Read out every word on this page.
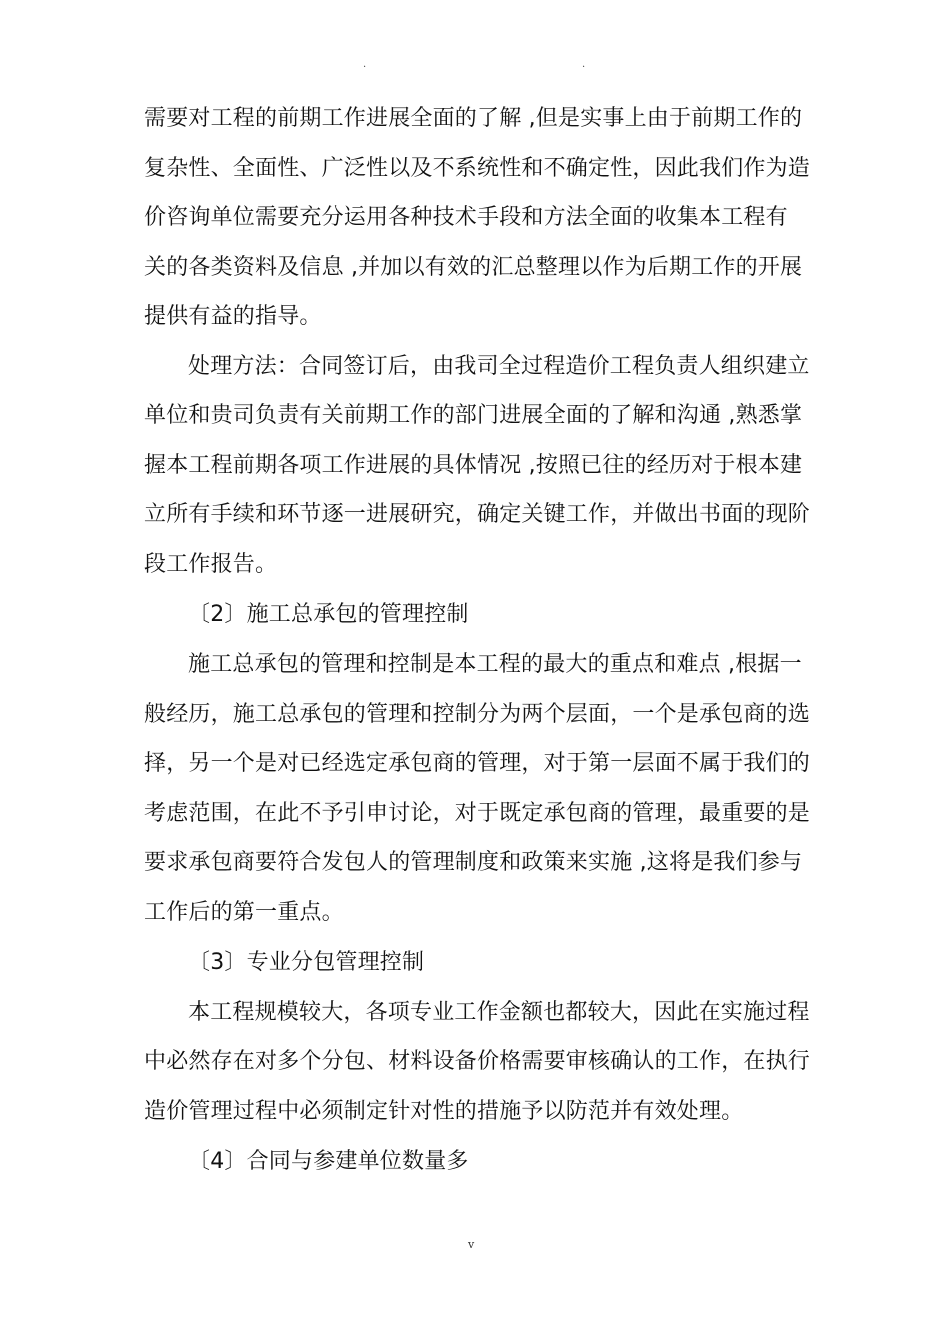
.	.
需要对工程的前期工作进展全面的了解 ,但是实事上由于前期工作的
复杂性、全面性、广泛性以及不系统性和不确定性，因此我们作为造
价咨询单位需要充分运用各种技术手段和方法全面的收集本工程有
关的各类资料及信息 ,并加以有效的汇总整理以作为后期工作的开展
提供有益的指导。
处理方法：合同签订后，由我司全过程造价工程负责人组织建立
单位和贵司负责有关前期工作的部门进展全面的了解和沟通 ,熟悉掌
握本工程前期各项工作进展的具体情况 ,按照已往的经历对于根本建
立所有手续和环节逐一进展研究，确定关键工作，并做出书面的现阶
段工作报告。
〔2〕施工总承包的管理控制
施工总承包的管理和控制是本工程的最大的重点和难点 ,根据一
般经历，施工总承包的管理和控制分为两个层面，一个是承包商的选
择，另一个是对已经选定承包商的管理，对于第一层面不属于我们的
考虑范围，在此不予引申讨论，对于既定承包商的管理，最重要的是
要求承包商要符合发包人的管理制度和政策来实施 ,这将是我们参与
工作后的第一重点。
〔3〕专业分包管理控制
本工程规模较大，各项专业工作金额也都较大，因此在实施过程
中必然存在对多个分包、材料设备价格需要审核确认的工作，在执行
造价管理过程中必须制定针对性的措施予以防范并有效处理。
〔4〕合同与参建单位数量多
v
